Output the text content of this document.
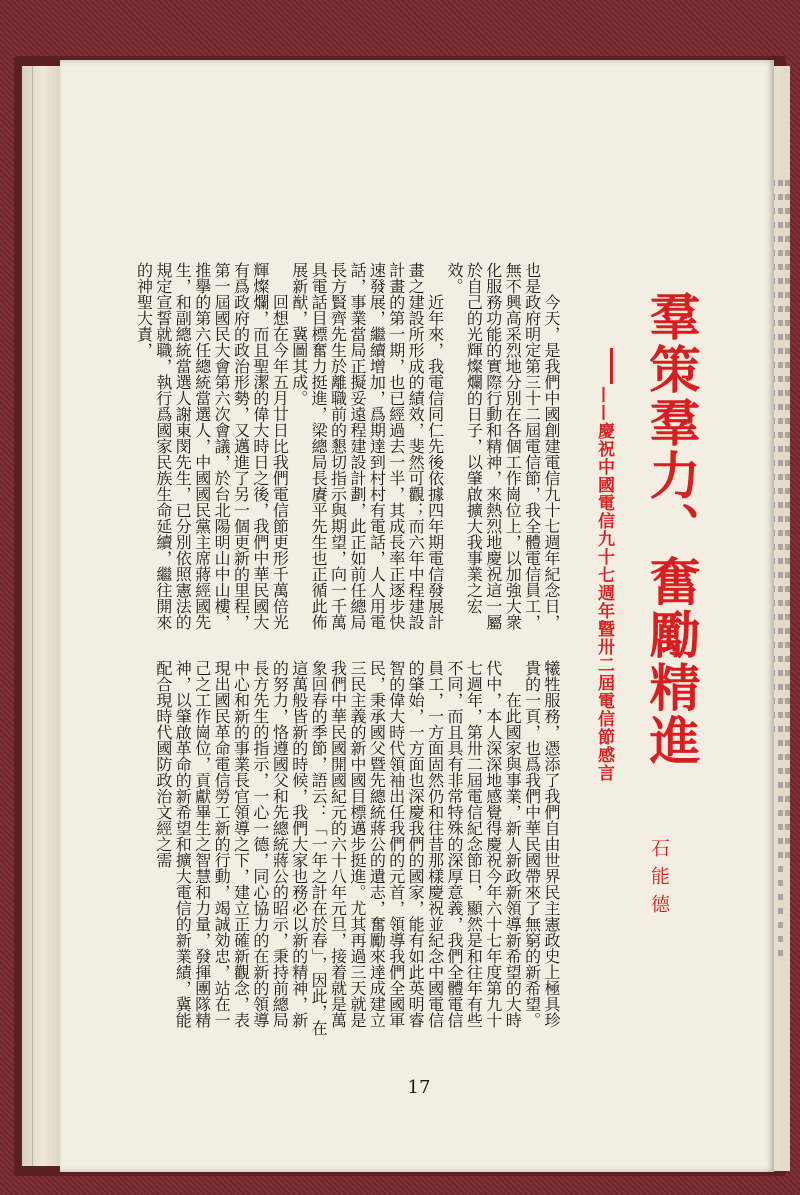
羣策羣力、奮勵精進
——慶祝中國電信九十七週年曁卅二屆電信節感言
石能德

今天，是我們中國創建電信九十七週年紀念日，也是政府明定第三十二屆電信節，我全體電信員工，無不興高采烈地分別在各個工作崗位上，以加強大衆化服務功能的實際行動和精神，來熱烈地慶祝這一屬於自己的光輝燦爛的日子，以肇啟擴大我事業之宏效。

近年來，我電信同仁先後依據四年期電信發展計畫之建設所形成的績效，斐然可觀；而六年中程建設計畫的第一期，也已經過去一半，其成長率正逐步快速發展，繼續增加，爲期達到村村有電話，人人用電話，事業當局正擬妥遠程建設計劃，此正如前任總局長方賢齊先生於離職前的懇切指示與期望，向一千萬具電話目標奮力挺進，梁總局長賡平先生也正循此佈展新猷，冀圖其成。

回想在今年五月廿日比我們電信節更形千萬倍光輝燦爛，而且聖潔的偉大時日之後，我們中華民國大有爲政府的政治形勢，又邁進了另一個更新的里程，第一屆國民大會第六次會議，於台北陽明山中山樓，推擧的第六任總統當選人，中國國民黨主席蔣經國先生，和副總統當選人謝東閔先生，已分別依照憲法的規定宣誓就職，執行爲國家民族生命延續，繼往開來的神聖大責，

犧牲服務，憑添了我們自由世界民主憲政史上極具珍貴的一頁，也爲我們中華民國帶來了無窮的新希望。

在此國家與事業，新人新政新領導新希望的大時代中，本人深深地感覺得慶祝今年六十七年度第九十七週年，第卅二屆電信紀念節日，顯然是和往年有些不同，而且具有非常特殊的深厚意義，我們全體電信員工，一方面固然仍和往昔那樣慶祝並紀念中國電信的肇始，一方面也深慶我們的國家，能有如此英明睿智的偉大時代領袖出任我們的元首，領導我們全國軍民，秉承國父暨先總統蔣公的遺志，奮勵來達成建立三民主義的新中國目標邁步挺進。尤其再過三天就是我們中華民國開國紀元的六十八年元旦，接着就是萬象回春的季節，語云：「一年之計在於春」，因此，在這萬般皆新的時候，我們大家也務必以新的精神，新的努力，恪遵國父和先總統蔣公的昭示，秉持前總局長方先生的指示，一心一德，同心協力的在新的領導中心和新的事業長官領導之下，建立正確新觀念，表現出國民革命電信勞工新的行動，竭誠効忠，站在一己之工作崗位，貢獻畢生之智慧和力量，發揮團隊精神，以肇啟革命的新希望和擴大電信的新業績，冀能配合現時代國防政治文經之需

17
